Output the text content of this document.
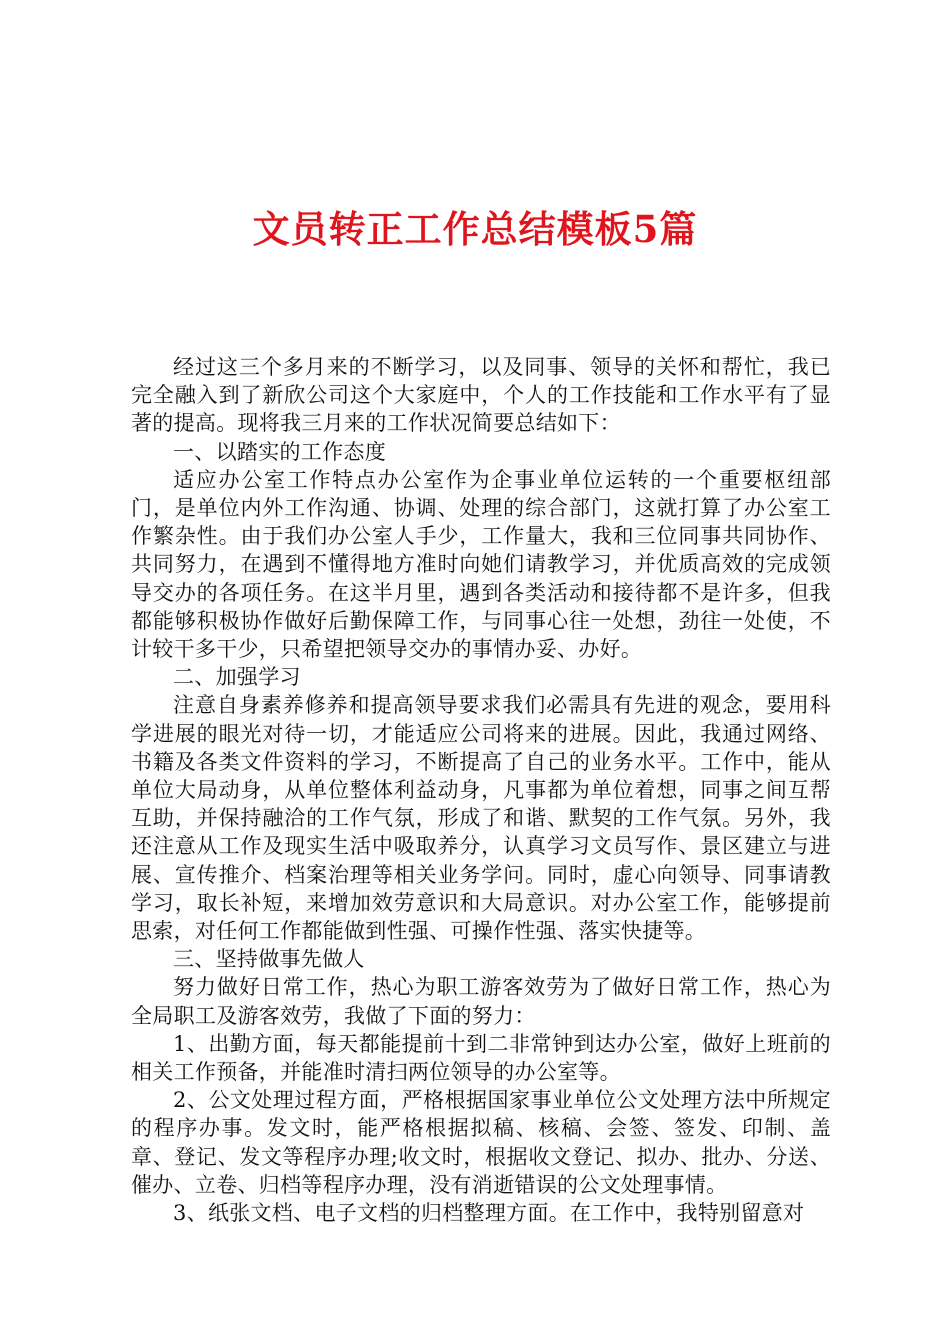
文员转正工作总结模板5篇

经过这三个多月来的不断学习，以及同事、领导的关怀和帮忙，我已完全融入到了新欣公司这个大家庭中，个人的工作技能和工作水平有了显著的提高。现将我三月来的工作状况简要总结如下：

一、以踏实的工作态度

适应办公室工作特点办公室作为企事业单位运转的一个重要枢纽部门，是单位内外工作沟通、协调、处理的综合部门，这就打算了办公室工作繁杂性。由于我们办公室人手少，工作量大，我和三位同事共同协作、共同努力，在遇到不懂得地方准时向她们请教学习，并优质高效的完成领导交办的各项任务。在这半月里，遇到各类活动和接待都不是许多，但我都能够积极协作做好后勤保障工作，与同事心往一处想，劲往一处使，不计较干多干少，只希望把领导交办的事情办妥、办好。

二、加强学习

注意自身素养修养和提高领导要求我们必需具有先进的观念，要用科学进展的眼光对待一切，才能适应公司将来的进展。因此，我通过网络、书籍及各类文件资料的学习，不断提高了自己的业务水平。工作中，能从单位大局动身，从单位整体利益动身，凡事都为单位着想，同事之间互帮互助，并保持融洽的工作气氛，形成了和谐、默契的工作气氛。另外，我还注意从工作及现实生活中吸取养分，认真学习文员写作、景区建立与进展、宣传推介、档案治理等相关业务学问。同时，虚心向领导、同事请教学习，取长补短，来增加效劳意识和大局意识。对办公室工作，能够提前思索，对任何工作都能做到性强、可操作性强、落实快捷等。

三、坚持做事先做人

努力做好日常工作，热心为职工游客效劳为了做好日常工作，热心为全局职工及游客效劳，我做了下面的努力：

1、出勤方面，每天都能提前十到二非常钟到达办公室，做好上班前的相关工作预备，并能准时清扫两位领导的办公室等。

2、公文处理过程方面，严格根据国家事业单位公文处理方法中所规定的程序办事。发文时，能严格根据拟稿、核稿、会签、签发、印制、盖章、登记、发文等程序办理;收文时，根据收文登记、拟办、批办、分送、催办、立卷、归档等程序办理，没有消逝错误的公文处理事情。

3、纸张文档、电子文档的归档整理方面。在工作中，我特别留意对
